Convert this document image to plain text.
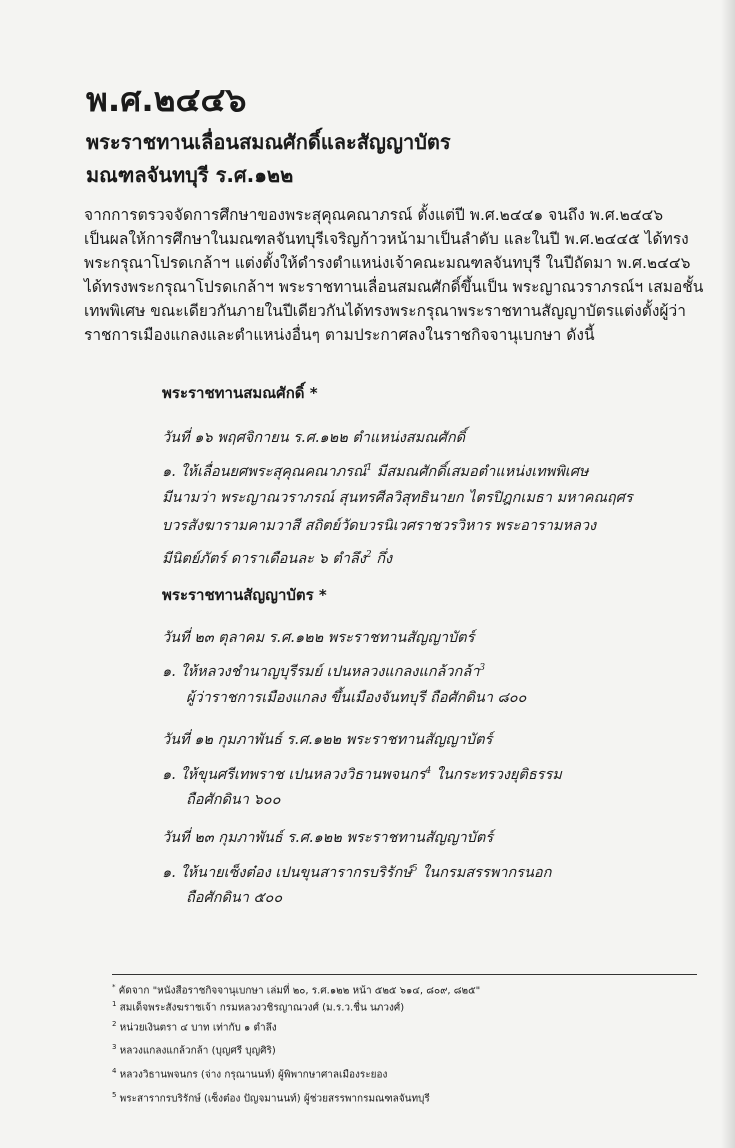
พ.ศ.๒๔๔๖
พระราชทานเลื่อนสมณศักดิ์และสัญญาบัตร
มณฑลจันทบุรี ร.ศ.๑๒๒
จากการตรวจจัดการศึกษาของพระสุคุณคณาภรณ์ ตั้งแต่ปี พ.ศ.๒๔๔๑ จนถึง พ.ศ.๒๔๔๖
เป็นผลให้การศึกษาในมณฑลจันทบุรีเจริญก้าวหน้ามาเป็นลำดับ และในปี พ.ศ.๒๔๔๕ ได้ทรง
พระกรุณาโปรดเกล้าฯ แต่งตั้งให้ดำรงตำแหน่งเจ้าคณะมณฑลจันทบุรี ในปีถัดมา พ.ศ.๒๔๔๖
ได้ทรงพระกรุณาโปรดเกล้าฯ พระราชทานเลื่อนสมณศักดิ์ขึ้นเป็น พระญาณวราภรณ์ฯ เสมอชั้น
เทพพิเศษ ขณะเดียวกันภายในปีเดียวกันได้ทรงพระกรุณาพระราชทานสัญญาบัตรแต่งตั้งผู้ว่า
ราชการเมืองแกลงและตำแหน่งอื่นๆ ตามประกาศลงในราชกิจจานุเบกษา ดังนี้
พระราชทานสมณศักดิ์ *
วันที่ ๑๖ พฤศจิกายน ร.ศ.๑๒๒ ตำแหน่งสมณศักดิ์
๑. ให้เลื่อนยศพระสุคุณคณาภรณ์$^1$ มีสมณศักดิ์เสมอตำแหน่งเทพพิเศษ
มีนามว่า พระญาณวราภรณ์ สุนทรศีลวิสุทธินายก ไตรปิฎกเมธา มหาคณฤศร
บวรสังฆารามคามวาสี สถิตย์วัดบวรนิเวศราชวรวิหาร พระอารามหลวง
มีนิตย์ภัตร์ ดาราเดือนละ ๖ ตำลึง$^2$ กึ่ง
พระราชทานสัญญาบัตร *
วันที่ ๒๓ ตุลาคม ร.ศ.๑๒๒ พระราชทานสัญญาบัตร์
๑. ให้หลวงชำนาญบุรีรมย์ เปนหลวงแกลงแกล้วกล้า$^3$
ผู้ว่าราชการเมืองแกลง ขึ้นเมืองจันทบุรี ถือศักดินา ๘๐๐
วันที่ ๑๒ กุมภาพันธ์ ร.ศ.๑๒๒ พระราชทานสัญญาบัตร์
๑. ให้ขุนศรีเทพราช เปนหลวงวิธานพจนกร$^4$ ในกระทรวงยุติธรรม
ถือศักดินา ๖๐๐
วันที่ ๒๓ กุมภาพันธ์ ร.ศ.๑๒๒ พระราชทานสัญญาบัตร์
๑. ให้นายเซ็งต๋อง เปนขุนสารากรบริรักษ์$^5$ ในกรมสรรพากรนอก
ถือศักดินา ๕๐๐
* คัดจาก "หนังสือราชกิจจานุเบกษา เล่มที่ ๒๐, ร.ศ.๑๒๒ หน้า ๕๒๕ ๖๑๔, ๘๐๙, ๘๒๕"
$^1$ สมเด็จพระสังฆราชเจ้า กรมหลวงวชิรญาณวงศ์ (ม.ร.ว.ชื่น นภวงศ์)
$^2$ หน่วยเงินตรา ๔ บาท เท่ากับ ๑ ตำลึง
$^3$ หลวงแกลงแกล้วกล้า (บุญศรี บุญศิริ)
$^4$ หลวงวิธานพจนกร (จ่าง กรุณานนท์) ผู้พิพากษาศาลเมืองระยอง
$^5$ พระสารากรบริรักษ์ (เซ็งต๋อง ปัญจมานนท์) ผู้ช่วยสรรพากรมณฑลจันทบุรี
